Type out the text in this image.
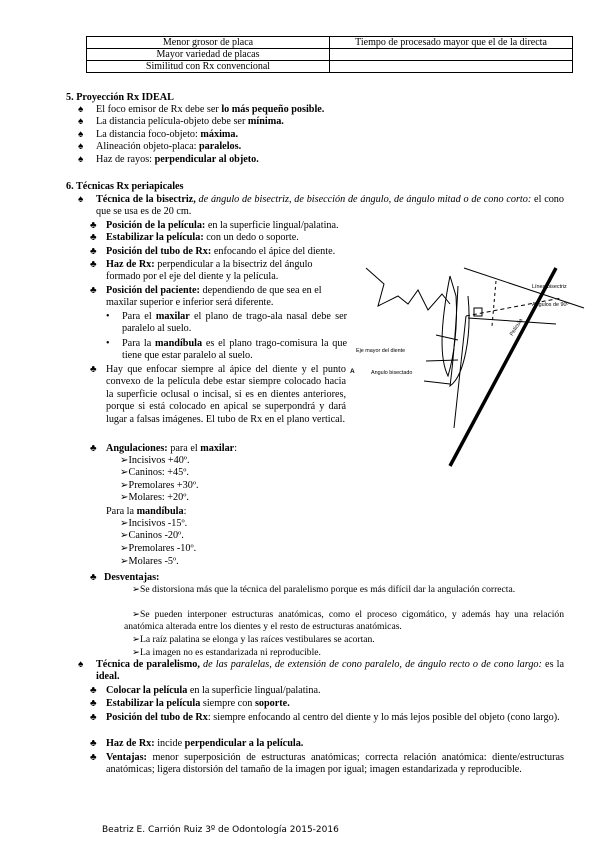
Menor grosor de placa	Tiempo de procesado mayor que el de la directa
Mayor variedad de placas	
Similitud con Rx convencional	
5. Proyección Rx IDEAL
♠ El foco emisor de Rx debe ser lo más pequeño posible.
♠ La distancia película-objeto debe ser mínima.
♠ La distancia foco-objeto: máxima.
♠ Alineación objeto-placa: paralelos.
♠ Haz de rayos: perpendicular al objeto.
6. Técnicas Rx periapicales
♠ Técnica de la bisectriz, de ángulo de bisectriz, de bisección de ángulo, de ángulo mitad o de cono corto: el cono que se usa es de 20 cm.
♣ Posición de la película: en la superficie lingual/palatina.
♣ Estabilizar la película: con un dedo o soporte.
♣ Posición del tubo de Rx: enfocando el ápice del diente.
♣ Haz de Rx: perpendicular a la bisectriz del ángulo formado por el eje del diente y la película.
♣ Posición del paciente: dependiendo de que sea en el maxilar superior e inferior será diferente.
• Para el maxilar el plano de trago-ala nasal debe ser paralelo al suelo.
• Para la mandíbula es el plano trago-comisura la que tiene que estar paralelo al suelo.
♣ Hay que enfocar siempre al ápice del diente y el punto convexo de la película debe estar siempre colocado hacia la superficie oclusal o incisal, si es en dientes anteriores, porque si está colocado en apical se superpondrá y dará lugar a falsas imágenes. El tubo de Rx en el plano vertical.
♣ Angulaciones: para el maxilar:
➢Incisivos +40º.
➢Caninos: +45º.
➢Premolares +30º.
➢Molares: +20º.
Para la mandíbula:
➢Incisivos -15º.
➢Caninos -20º.
➢Premolares -10º.
➢Molares -5º.
♣ Desventajas:
➢Se distorsiona más que la técnica del paralelismo porque es más difícil dar la angulación correcta.
➢Se pueden interponer estructuras anatómicas, como el proceso cigomático, y además hay una relación anatómica alterada entre los dientes y el resto de estructuras anatómicas.
➢La raíz palatina se elonga y las raíces vestibulares se acortan.
➢La imagen no es estandarizada ni reproducible.
♠ Técnica de paralelismo, de las paralelas, de extensión de cono paralelo, de ángulo recto o de cono largo: es la ideal.
♣ Colocar la película en la superficie lingual/palatina.
♣ Estabilizar la película siempre con soporte.
♣ Posición del tubo de Rx: siempre enfocando al centro del diente y lo más lejos posible del objeto (cono largo).
♣ Haz de Rx: incide perpendicular a la película.
♣ Ventajas: menor superposición de estructuras anatómicas; correcta relación anatómica: diente/estructuras anatómicas; ligera distorsión del tamaño de la imagen por igual; imagen estandarizada y reproducible.
Línea bisectriz
Angulos de 90º
Película
Eje mayor del diente
A	Angulo bisectado
Beatriz E. Carrión Ruiz 3º de Odontología 2015-2016
